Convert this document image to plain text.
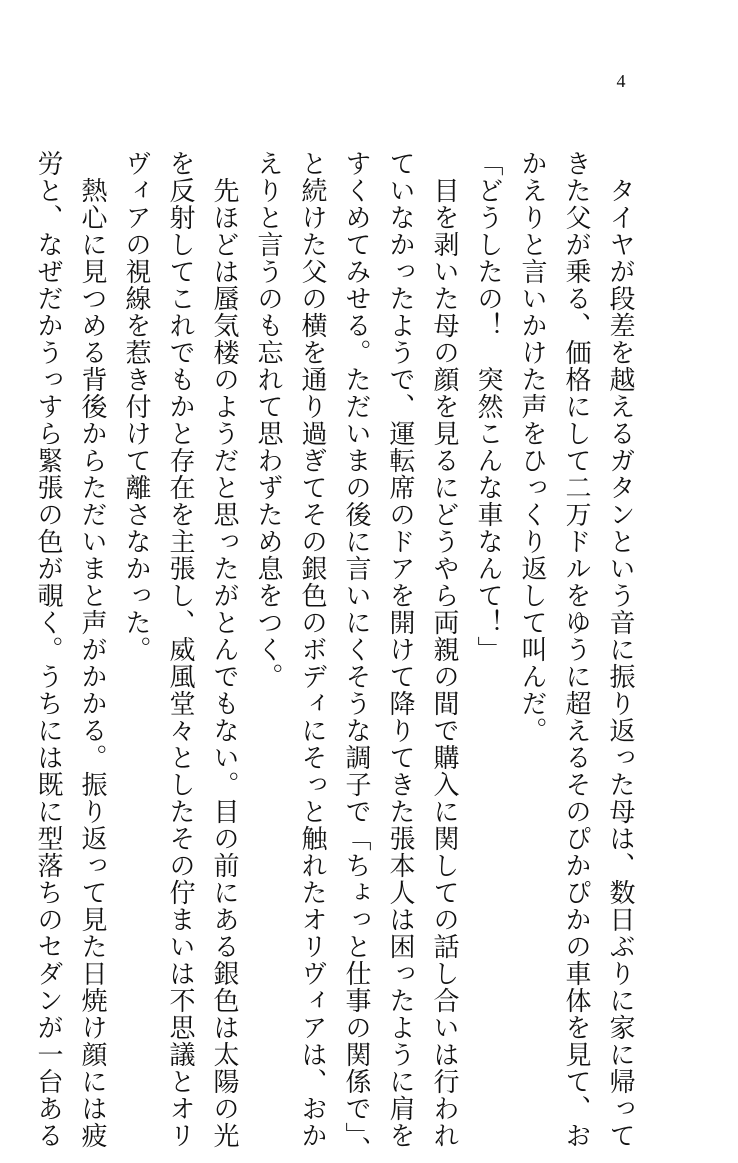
4
　タイヤが段差を越えるガタンという音に振り返った母は、数日ぶりに家に帰って
きた父が乗る、価格にして二万ドルをゆうに超えるそのぴかぴかの車体を見て、お
かえりと言いかけた声をひっくり返して叫んだ。
「どうしたの！　突然こんな車なんて！」
　目を剥いた母の顔を見るにどうやら両親の間で購入に関しての話し合いは行われ
ていなかったようで、運転席のドアを開けて降りてきた張本人は困ったように肩を
すくめてみせる。ただいまの後に言いにくそうな調子で「ちょっと仕事の関係で」、
と続けた父の横を通り過ぎてその銀色のボディにそっと触れたオリヴィアは、おか
えりと言うのも忘れて思わずため息をつく。
　先ほどは蜃気楼のようだと思ったがとんでもない。目の前にある銀色は太陽の光
を反射してこれでもかと存在を主張し、威風堂々としたその佇まいは不思議とオリ
ヴィアの視線を惹き付けて離さなかった。
　熱心に見つめる背後からただいまと声がかかる。振り返って見た日焼け顔には疲
労と、なぜだかうっすら緊張の色が覗く。うちには既に型落ちのセダンが一台ある
